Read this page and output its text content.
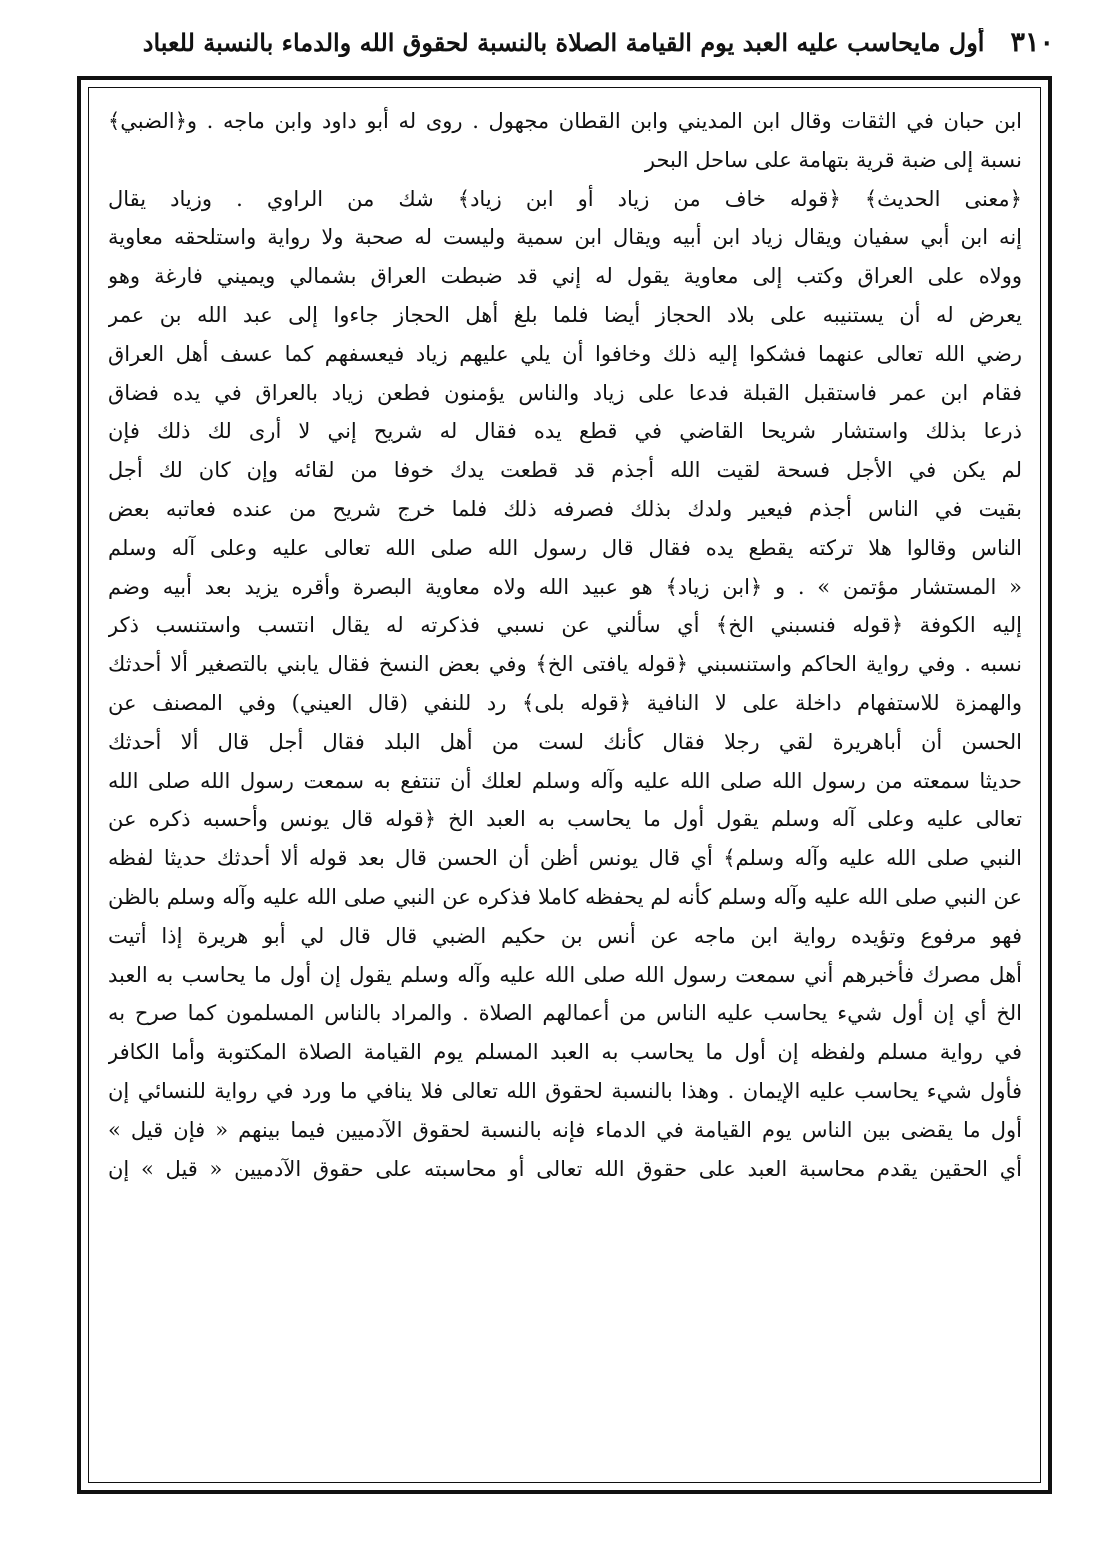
٣١٠
أول مايحاسب عليه العبد يوم القيامة الصلاة بالنسبة لحقوق الله والدماء بالنسبة للعباد
ابن حبان في الثقات وقال ابن المديني وابن القطان مجهول . روى له أبو داود وابن ماجه . و﴿الضبي﴾
نسبة إلى ضبة قرية بتهامة على ساحل البحر
﴿معنى الحديث﴾ ﴿قوله خاف من زياد أو ابن زياد﴾ شك من الراوي . وزياد يقال
إنه ابن أبي سفيان ويقال زياد ابن أبيه ويقال ابن سمية وليست له صحبة ولا رواية واستلحقه معاوية
وولاه على العراق وكتب إلى معاوية يقول له إني قد ضبطت العراق بشمالي ويميني فارغة وهو
يعرض له أن يستنيبه على بلاد الحجاز أيضا فلما بلغ أهل الحجاز جاءوا إلى عبد الله بن عمر
رضي الله تعالى عنهما فشكوا إليه ذلك وخافوا أن يلي عليهم زياد فيعسفهم كما عسف أهل العراق
فقام ابن عمر فاستقبل القبلة فدعا على زياد والناس يؤمنون فطعن زياد بالعراق في يده فضاق
ذرعا بذلك واستشار شريحا القاضي في قطع يده فقال له شريح إني لا أرى لك ذلك فإن
لم يكن في الأجل فسحة لقيت الله أجذم قد قطعت يدك خوفا من لقائه وإن كان لك أجل
بقيت في الناس أجذم فيعير ولدك بذلك فصرفه ذلك فلما خرج شريح من عنده فعاتبه بعض
الناس وقالوا هلا تركته يقطع يده فقال قال رسول الله صلى الله تعالى عليه وعلى آله وسلم
« المستشار مؤتمن » . و ﴿ابن زياد﴾ هو عبيد الله ولاه معاوية البصرة وأقره يزيد بعد أبيه وضم
إليه الكوفة ﴿قوله فنسبني الخ﴾ أي سألني عن نسبي فذكرته له يقال انتسب واستنسب ذكر
نسبه . وفي رواية الحاكم واستنسبني ﴿قوله يافتى الخ﴾ وفي بعض النسخ فقال يابني بالتصغير ألا أحدثك
والهمزة للاستفهام داخلة على لا النافية ﴿قوله بلى﴾ رد للنفي (قال العيني) وفي المصنف عن
الحسن أن أباهريرة لقي رجلا فقال كأنك لست من أهل البلد فقال أجل قال ألا أحدثك
حديثا سمعته من رسول الله صلى الله عليه وآله وسلم لعلك أن تنتفع به سمعت رسول الله صلى الله
تعالى عليه وعلى آله وسلم يقول أول ما يحاسب به العبد الخ ﴿قوله قال يونس وأحسبه ذكره عن
النبي صلى الله عليه وآله وسلم﴾ أي قال يونس أظن أن الحسن قال بعد قوله ألا أحدثك حديثا لفظه
عن النبي صلى الله عليه وآله وسلم كأنه لم يحفظه كاملا فذكره عن النبي صلى الله عليه وآله وسلم بالظن
فهو مرفوع وتؤيده رواية ابن ماجه عن أنس بن حكيم الضبي قال قال لي أبو هريرة إذا أتيت
أهل مصرك فأخبرهم أني سمعت رسول الله صلى الله عليه وآله وسلم يقول إن أول ما يحاسب به العبد
الخ أي إن أول شيء يحاسب عليه الناس من أعمالهم الصلاة . والمراد بالناس المسلمون كما صرح به
في رواية مسلم ولفظه إن أول ما يحاسب به العبد المسلم يوم القيامة الصلاة المكتوبة وأما الكافر
فأول شيء يحاسب عليه الإيمان . وهذا بالنسبة لحقوق الله تعالى فلا ينافي ما ورد في رواية للنسائي إن
أول ما يقضى بين الناس يوم القيامة في الدماء فإنه بالنسبة لحقوق الآدميين فيما بينهم « فإن قيل »
أي الحقين يقدم محاسبة العبد على حقوق الله تعالى أو محاسبته على حقوق الآدميين « قيل » إن
